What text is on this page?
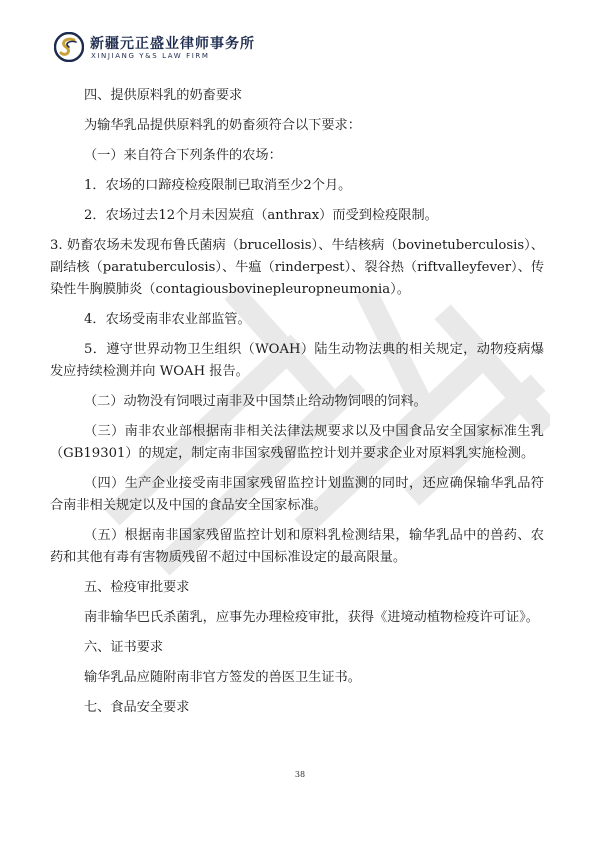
新疆元正盛业律师事务所
XINJIANG Y&S LAW FIRM

四、提供原料乳的奶畜要求

为输华乳品提供原料乳的奶畜须符合以下要求：

（一）来自符合下列条件的农场：

1．农场的口蹄疫检疫限制已取消至少2个月。

2．农场过去12个月未因炭疽（anthrax）而受到检疫限制。

3. 奶畜农场未发现布鲁氏菌病（brucellosis）、牛结核病（bovinetuberculosis）、副结核（paratuberculosis）、牛瘟（rinderpest）、裂谷热（riftvalleyfever）、传染性牛胸膜肺炎（contagiousbovinepleuropneumonia）。

4．农场受南非农业部监管。

5．遵守世界动物卫生组织（WOAH）陆生动物法典的相关规定，动物疫病爆发应持续检测并向 WOAH 报告。

（二）动物没有饲喂过南非及中国禁止给动物饲喂的饲料。

（三）南非农业部根据南非相关法律法规要求以及中国食品安全国家标准生乳（GB19301）的规定，制定南非国家残留监控计划并要求企业对原料乳实施检测。

（四）生产企业接受南非国家残留监控计划监测的同时，还应确保输华乳品符合南非相关规定以及中国的食品安全国家标准。

（五）根据南非国家残留监控计划和原料乳检测结果，输华乳品中的兽药、农药和其他有毒有害物质残留不超过中国标准设定的最高限量。

五、检疫审批要求

南非输华巴氏杀菌乳，应事先办理检疫审批，获得《进境动植物检疫许可证》。

六、证书要求

输华乳品应随附南非官方签发的兽医卫生证书。

七、食品安全要求

38
